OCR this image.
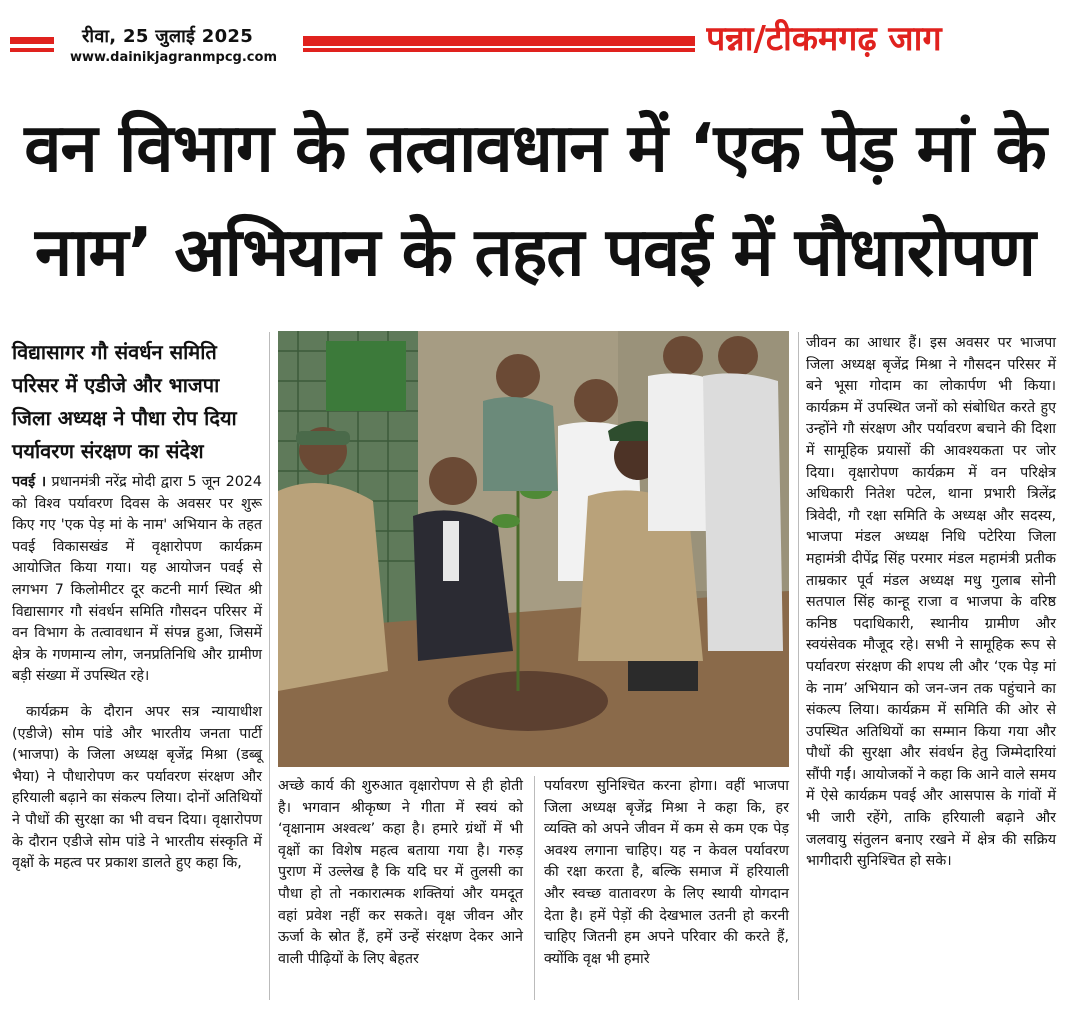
रीवा, 25 जुलाई 2025
www.dainikjagranmpcg.com	पन्ना/टीकमगढ़ जाग
वन विभाग के तत्वावधान में ‘एक पेड़ मां के नाम’ अभियान के तहत पवई में पौधारोपण
विद्यासागर गौ संवर्धन समिति परिसर में एडीजे और भाजपा जिला अध्यक्ष ने पौधा रोप दिया पर्यावरण संरक्षण का संदेश

पवई । प्रधानमंत्री नरेंद्र मोदी द्वारा 5 जून 2024 को विश्व पर्यावरण दिवस के अवसर पर शुरू किए गए 'एक पेड़ मां के नाम' अभियान के तहत पवई विकासखंड में वृक्षारोपण कार्यक्रम आयोजित किया गया। यह आयोजन पवई से लगभग 7 किलोमीटर दूर कटनी मार्ग स्थित श्री विद्यासागर गौ संवर्धन समिति गौसदन परिसर में वन विभाग के तत्वावधान में संपन्न हुआ, जिसमें क्षेत्र के गणमान्य लोग, जनप्रतिनिधि और ग्रामीण बड़ी संख्या में उपस्थित रहे।

कार्यक्रम के दौरान अपर सत्र न्यायाधीश (एडीजे) सोम पांडे और भारतीय जनता पार्टी (भाजपा) के जिला अध्यक्ष बृजेंद्र मिश्रा (डब्बू भैया) ने पौधारोपण कर पर्यावरण संरक्षण और हरियाली बढ़ाने का संकल्प लिया। दोनों अतिथियों ने पौधों की सुरक्षा का भी वचन दिया। वृक्षारोपण के दौरान एडीजे सोम पांडे ने भारतीय संस्कृति में वृक्षों के महत्व पर प्रकाश डालते हुए कहा कि,

अच्छे कार्य की शुरुआत वृक्षारोपण से ही होती है। भगवान श्रीकृष्ण ने गीता में स्वयं को ‘वृक्षानाम अश्वत्थ’ कहा है। हमारे ग्रंथों में भी वृक्षों का विशेष महत्व बताया गया है। गरुड़ पुराण में उल्लेख है कि यदि घर में तुलसी का पौधा हो तो नकारात्मक शक्तियां और यमदूत वहां प्रवेश नहीं कर सकते। वृक्ष जीवन और ऊर्जा के स्रोत हैं, हमें उन्हें संरक्षण देकर आने वाली पीढ़ियों के लिए बेहतर

पर्यावरण सुनिश्चित करना होगा। वहीं भाजपा जिला अध्यक्ष बृजेंद्र मिश्रा ने कहा कि, हर व्यक्ति को अपने जीवन में कम से कम एक पेड़ अवश्य लगाना चाहिए। यह न केवल पर्यावरण की रक्षा करता है, बल्कि समाज में हरियाली और स्वच्छ वातावरण के लिए स्थायी योगदान देता है। हमें पेड़ों की देखभाल उतनी हो करनी चाहिए जितनी हम अपने परिवार की करते हैं, क्योंकि वृक्ष भी हमारे

जीवन का आधार हैं। इस अवसर पर भाजपा जिला अध्यक्ष बृजेंद्र मिश्रा ने गौसदन परिसर में बने भूसा गोदाम का लोकार्पण भी किया। कार्यक्रम में उपस्थित जनों को संबोधित करते हुए उन्होंने गौ संरक्षण और पर्यावरण बचाने की दिशा में सामूहिक प्रयासों की आवश्यकता पर जोर दिया। वृक्षारोपण कार्यक्रम में वन परिक्षेत्र अधिकारी नितेश पटेल, थाना प्रभारी त्रिलेंद्र त्रिवेदी, गौ रक्षा समिति के अध्यक्ष और सदस्य, भाजपा मंडल अध्यक्ष निधि पटेरिया जिला महामंत्री दीपेंद्र सिंह परमार मंडल महामंत्री प्रतीक ताम्रकार पूर्व मंडल अध्यक्ष मधु गुलाब सोनी सतपाल सिंह कान्हू राजा व भाजपा के वरिष्ठ कनिष्ठ पदाधिकारी, स्थानीय ग्रामीण और स्वयंसेवक मौजूद रहे। सभी ने सामूहिक रूप से पर्यावरण संरक्षण की शपथ ली और ‘एक पेड़ मां के नाम’ अभियान को जन-जन तक पहुंचाने का संकल्प लिया। कार्यक्रम में समिति की ओर से उपस्थित अतिथियों का सम्मान किया गया और पौधों की सुरक्षा और संवर्धन हेतु जिम्मेदारियां सौंपी गईं। आयोजकों ने कहा कि आने वाले समय में ऐसे कार्यक्रम पवई और आसपास के गांवों में भी जारी रहेंगे, ताकि हरियाली बढ़ाने और जलवायु संतुलन बनाए रखने में क्षेत्र की सक्रिय भागीदारी सुनिश्चित हो सके।
